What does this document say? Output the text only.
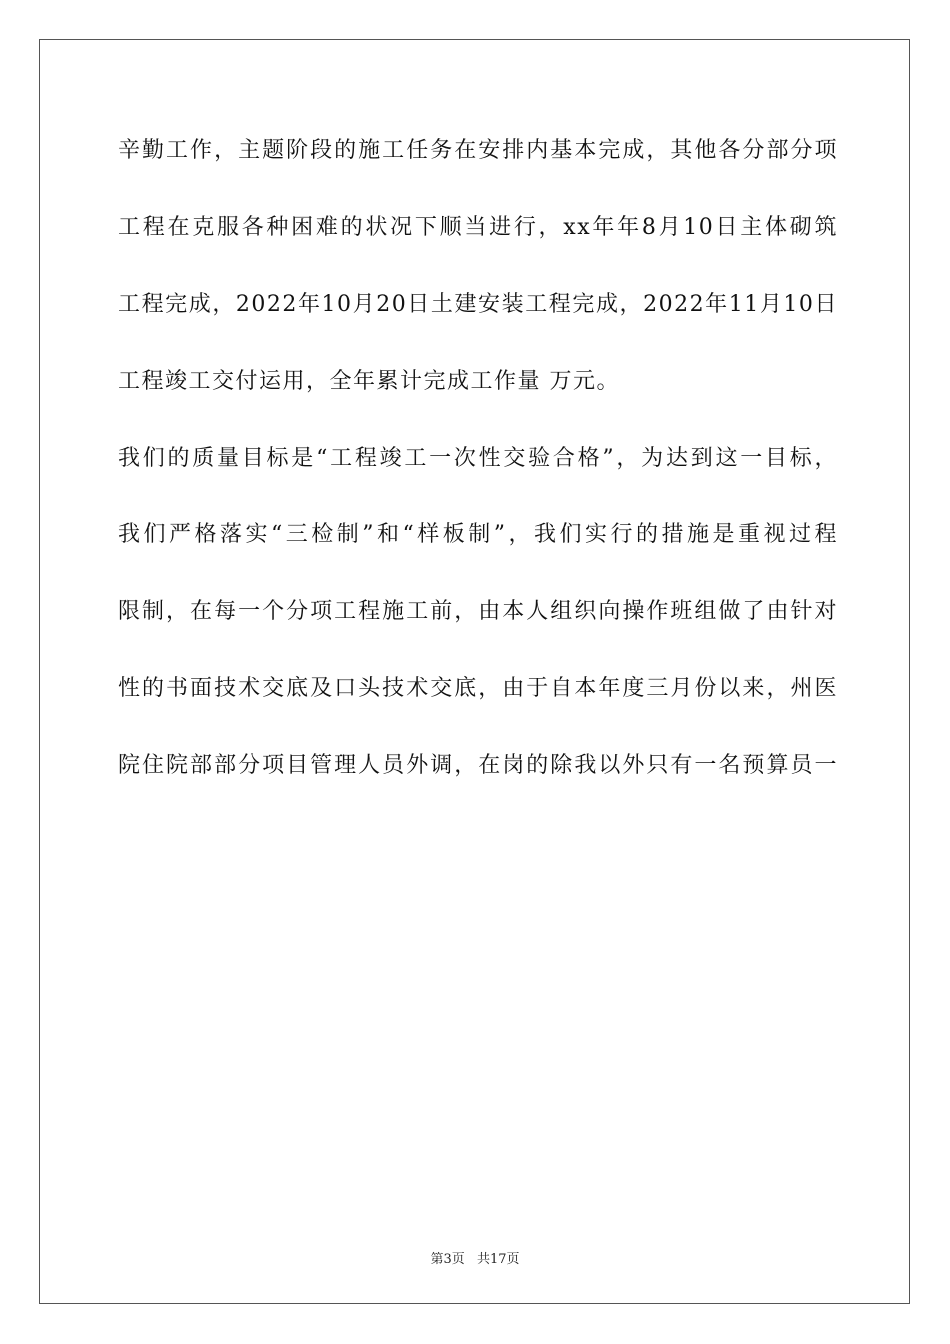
辛勤工作，主题阶段的施工任务在安排内基本完成，其他各分部分项
工程在克服各种困难的状况下顺当进行，xx年年8月10日主体砌筑
工程完成，2022年10月20日土建安装工程完成，2022年11月10日
工程竣工交付运用，全年累计完成工作量 万元。
我们的质量目标是“工程竣工一次性交验合格”，为达到这一目标，
我们严格落实“三检制”和“样板制”，我们实行的措施是重视过程
限制，在每一个分项工程施工前，由本人组织向操作班组做了由针对
性的书面技术交底及口头技术交底，由于自本年度三月份以来，州医
院住院部部分项目管理人员外调，在岗的除我以外只有一名预算员一
第3页 共17页
